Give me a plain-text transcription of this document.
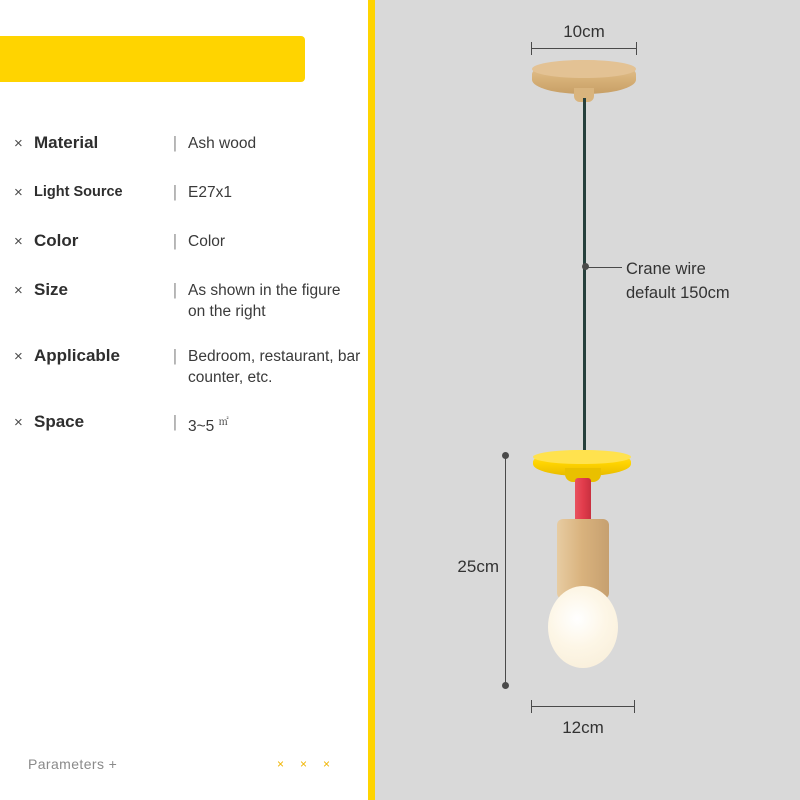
× Material	| Ash wood
× Light Source	| E27x1
× Color	| Color
× Size	| As shown in the figure on the right
× Applicable	| Bedroom, restaurant, bar counter, etc.
× Space	| 3~5 ㎡
Parameters +	× × ×
10cm
Crane wire
default 150cm
25cm
12cm
